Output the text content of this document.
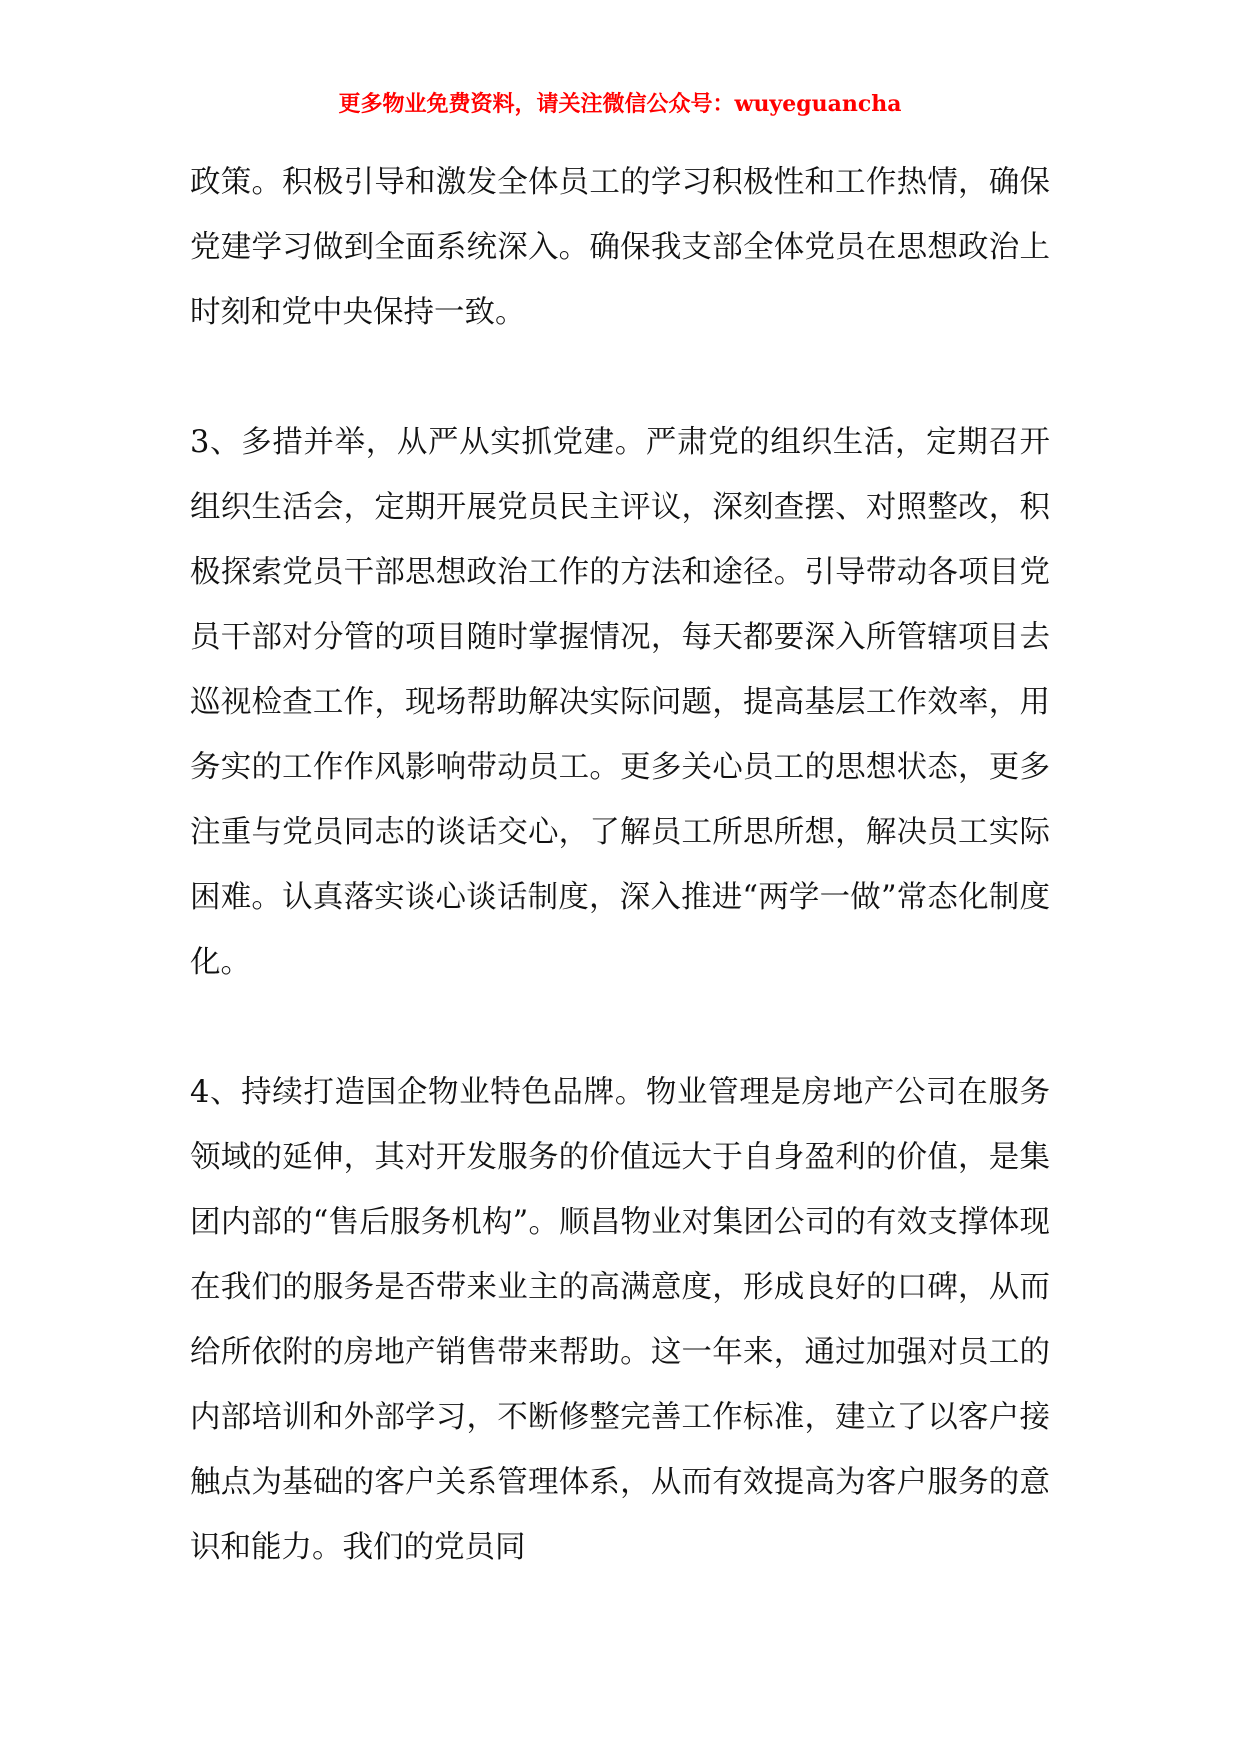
更多物业免费资料，请关注微信公众号：wuyeguancha

政策。积极引导和激发全体员工的学习积极性和工作热情，确保党建学习做到全面系统深入。确保我支部全体党员在思想政治上时刻和党中央保持一致。

3、多措并举，从严从实抓党建。严肃党的组织生活，定期召开组织生活会，定期开展党员民主评议，深刻查摆、对照整改，积极探索党员干部思想政治工作的方法和途径。引导带动各项目党员干部对分管的项目随时掌握情况，每天都要深入所管辖项目去巡视检查工作，现场帮助解决实际问题，提高基层工作效率，用务实的工作作风影响带动员工。更多关心员工的思想状态，更多注重与党员同志的谈话交心，了解员工所思所想，解决员工实际困难。认真落实谈心谈话制度，深入推进“两学一做”常态化制度化。

4、持续打造国企物业特色品牌。物业管理是房地产公司在服务领域的延伸，其对开发服务的价值远大于自身盈利的价值，是集团内部的“售后服务机构”。顺昌物业对集团公司的有效支撑体现在我们的服务是否带来业主的高满意度，形成良好的口碑，从而给所依附的房地产销售带来帮助。这一年来，通过加强对员工的内部培训和外部学习，不断修整完善工作标准，建立了以客户接触点为基础的客户关系管理体系，从而有效提高为客户服务的意识和能力。我们的党员同
